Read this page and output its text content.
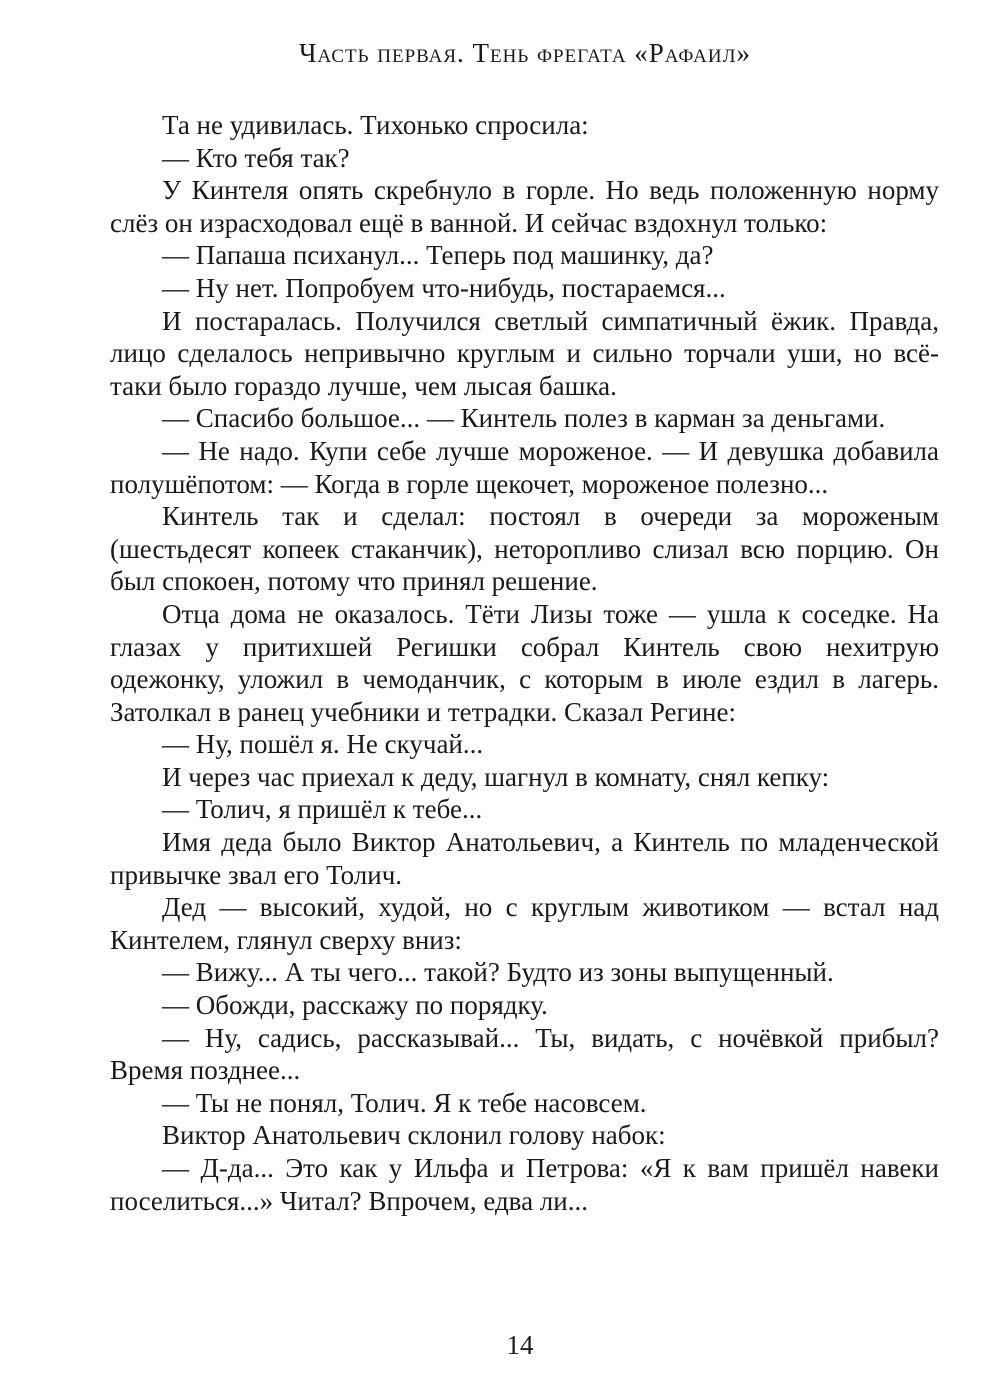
Часть первая. Тень фрегата «Рафаил»

Та не удивилась. Тихонько спросила:

— Кто тебя так?

У Кинтеля опять скребнуло в горле. Но ведь положенную норму слёз он израсходовал ещё в ванной. И сейчас вздохнул только:

— Папаша психанул... Теперь под машинку, да?

— Ну нет. Попробуем что-нибудь, постараемся...

И постаралась. Получился светлый симпатичный ёжик. Правда, лицо сделалось непривычно круглым и сильно торчали уши, но всё-таки было гораздо лучше, чем лысая башка.

— Спасибо большое... — Кинтель полез в карман за деньгами.

— Не надо. Купи себе лучше мороженое. — И девушка добавила полушёпотом: — Когда в горле щекочет, мороженое полезно...

Кинтель так и сделал: постоял в очереди за мороженым (шестьдесят копеек стаканчик), неторопливо слизал всю порцию. Он был спокоен, потому что принял решение.

Отца дома не оказалось. Тёти Лизы тоже — ушла к соседке. На глазах у притихшей Регишки собрал Кинтель свою нехитрую одежонку, уложил в чемоданчик, с которым в июле ездил в лагерь. Затолкал в ранец учебники и тетрадки. Сказал Регине:

— Ну, пошёл я. Не скучай...

И через час приехал к деду, шагнул в комнату, снял кепку:

— Толич, я пришёл к тебе...

Имя деда было Виктор Анатольевич, а Кинтель по младенческой привычке звал его Толич.

Дед — высокий, худой, но с круглым животиком — встал над Кинтелем, глянул сверху вниз:

— Вижу... А ты чего... такой? Будто из зоны выпущенный.

— Обожди, расскажу по порядку.

— Ну, садись, рассказывай... Ты, видать, с ночёвкой прибыл? Время позднее...

— Ты не понял, Толич. Я к тебе насовсем.

Виктор Анатольевич склонил голову набок:

— Д-да... Это как у Ильфа и Петрова: «Я к вам пришёл навеки поселиться...» Читал? Впрочем, едва ли...

14
